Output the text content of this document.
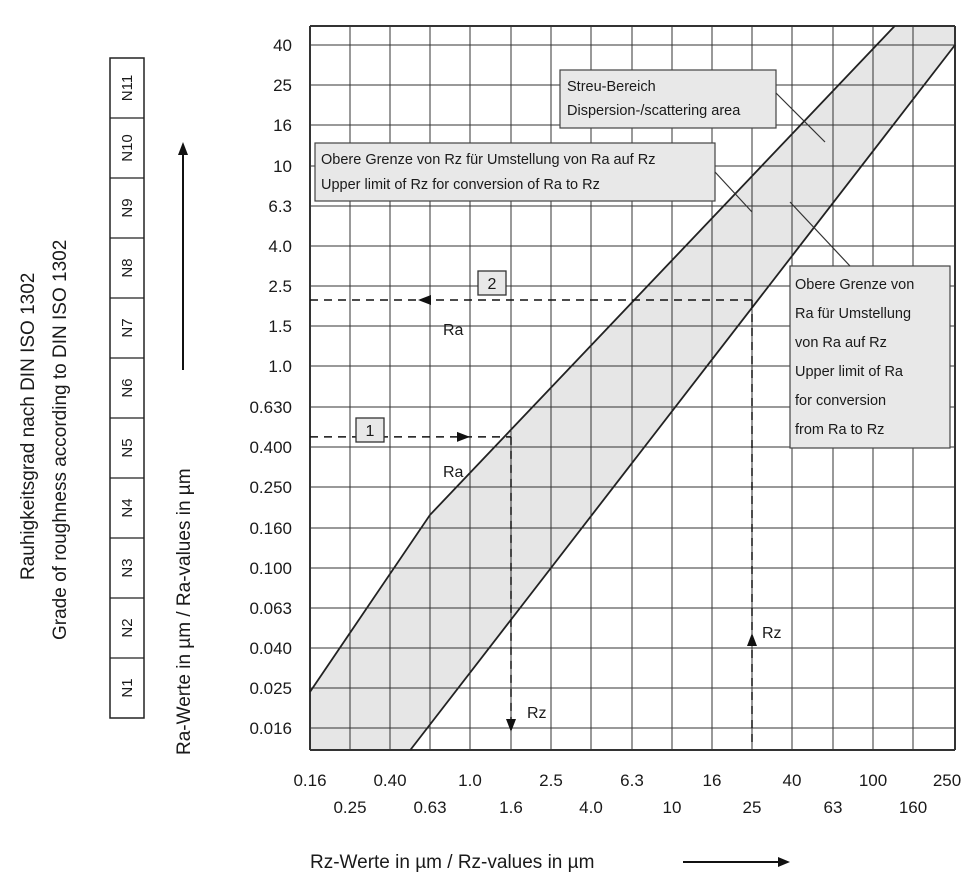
Rauhigkeitsgrad nach DIN ISO 1302 Grade of roughness according to DIN ISO 1302
N1
N2
N3
N4
N5
N6
N7
N8
N9
N10
N11
1
Ra
Rz
2
Ra
Rz
Streu-Bereich
Dispersion-/scattering area
Obere Grenze von Rz für Umstellung von Ra auf Rz
Upper limit of Rz for conversion of Ra to Rz
Obere Grenze von
Ra für Umstellung
von Ra auf Rz
Upper limit of Ra
for conversion
from Ra to Rz
40
25
16
10
6.3
4.0
2.5
1.5
1.0
0.630
0.400
0.250
0.160
0.100
0.063
0.040
0.025
0.016
0.16	0.40	1.0	2.5	6.3	16	40	100	250
0.25	0.63	1.6	4.0	10	25	63	160
Rz-Werte in µm / Rz-values in µm
Ra-Werte in µm / Ra-values in µm
